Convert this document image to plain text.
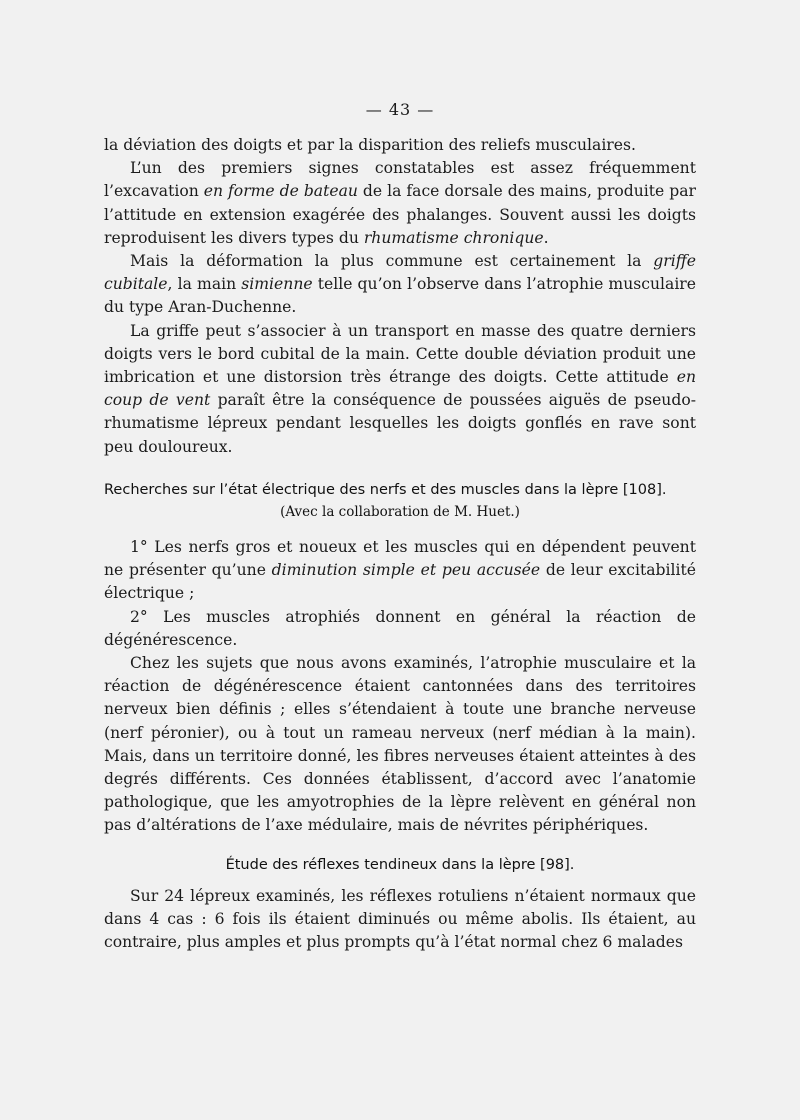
— 43 —

la déviation des doigts et par la disparition des reliefs musculaires.

L’un des premiers signes constatables est assez fréquemment l’excavation en forme de bateau de la face dorsale des mains, produite par l’attitude en extension exagérée des phalanges. Souvent aussi les doigts reproduisent les divers types du rhumatisme chronique.

Mais la déformation la plus commune est certainement la griffe cubitale, la main simienne telle qu’on l’observe dans l’atrophie musculaire du type Aran-Duchenne.

La griffe peut s’associer à un transport en masse des quatre derniers doigts vers le bord cubital de la main. Cette double déviation produit une imbrication et une distorsion très étrange des doigts. Cette attitude en coup de vent paraît être la conséquence de poussées aiguës de pseudo-rhumatisme lépreux pendant lesquelles les doigts gonflés en rave sont peu douloureux.

Recherches sur l’état électrique des nerfs et des muscles dans la lèpre [108].
(Avec la collaboration de M. Huet.)

1° Les nerfs gros et noueux et les muscles qui en dépendent peuvent ne présenter qu’une diminution simple et peu accusée de leur excitabilité électrique ;

2° Les muscles atrophiés donnent en général la réaction de dégénérescence.

Chez les sujets que nous avons examinés, l’atrophie musculaire et la réaction de dégénérescence étaient cantonnées dans des territoires nerveux bien définis ; elles s’étendaient à toute une branche nerveuse (nerf péronier), ou à tout un rameau nerveux (nerf médian à la main). Mais, dans un territoire donné, les fibres nerveuses étaient atteintes à des degrés différents. Ces données établissent, d’accord avec l’anatomie pathologique, que les amyotrophies de la lèpre relèvent en général non pas d’altérations de l’axe médulaire, mais de névrites périphériques.

Étude des réflexes tendineux dans la lèpre [98].

Sur 24 lépreux examinés, les réflexes rotuliens n’étaient normaux que dans 4 cas : 6 fois ils étaient diminués ou même abolis. Ils étaient, au contraire, plus amples et plus prompts qu’à l’état normal chez 6 malades
